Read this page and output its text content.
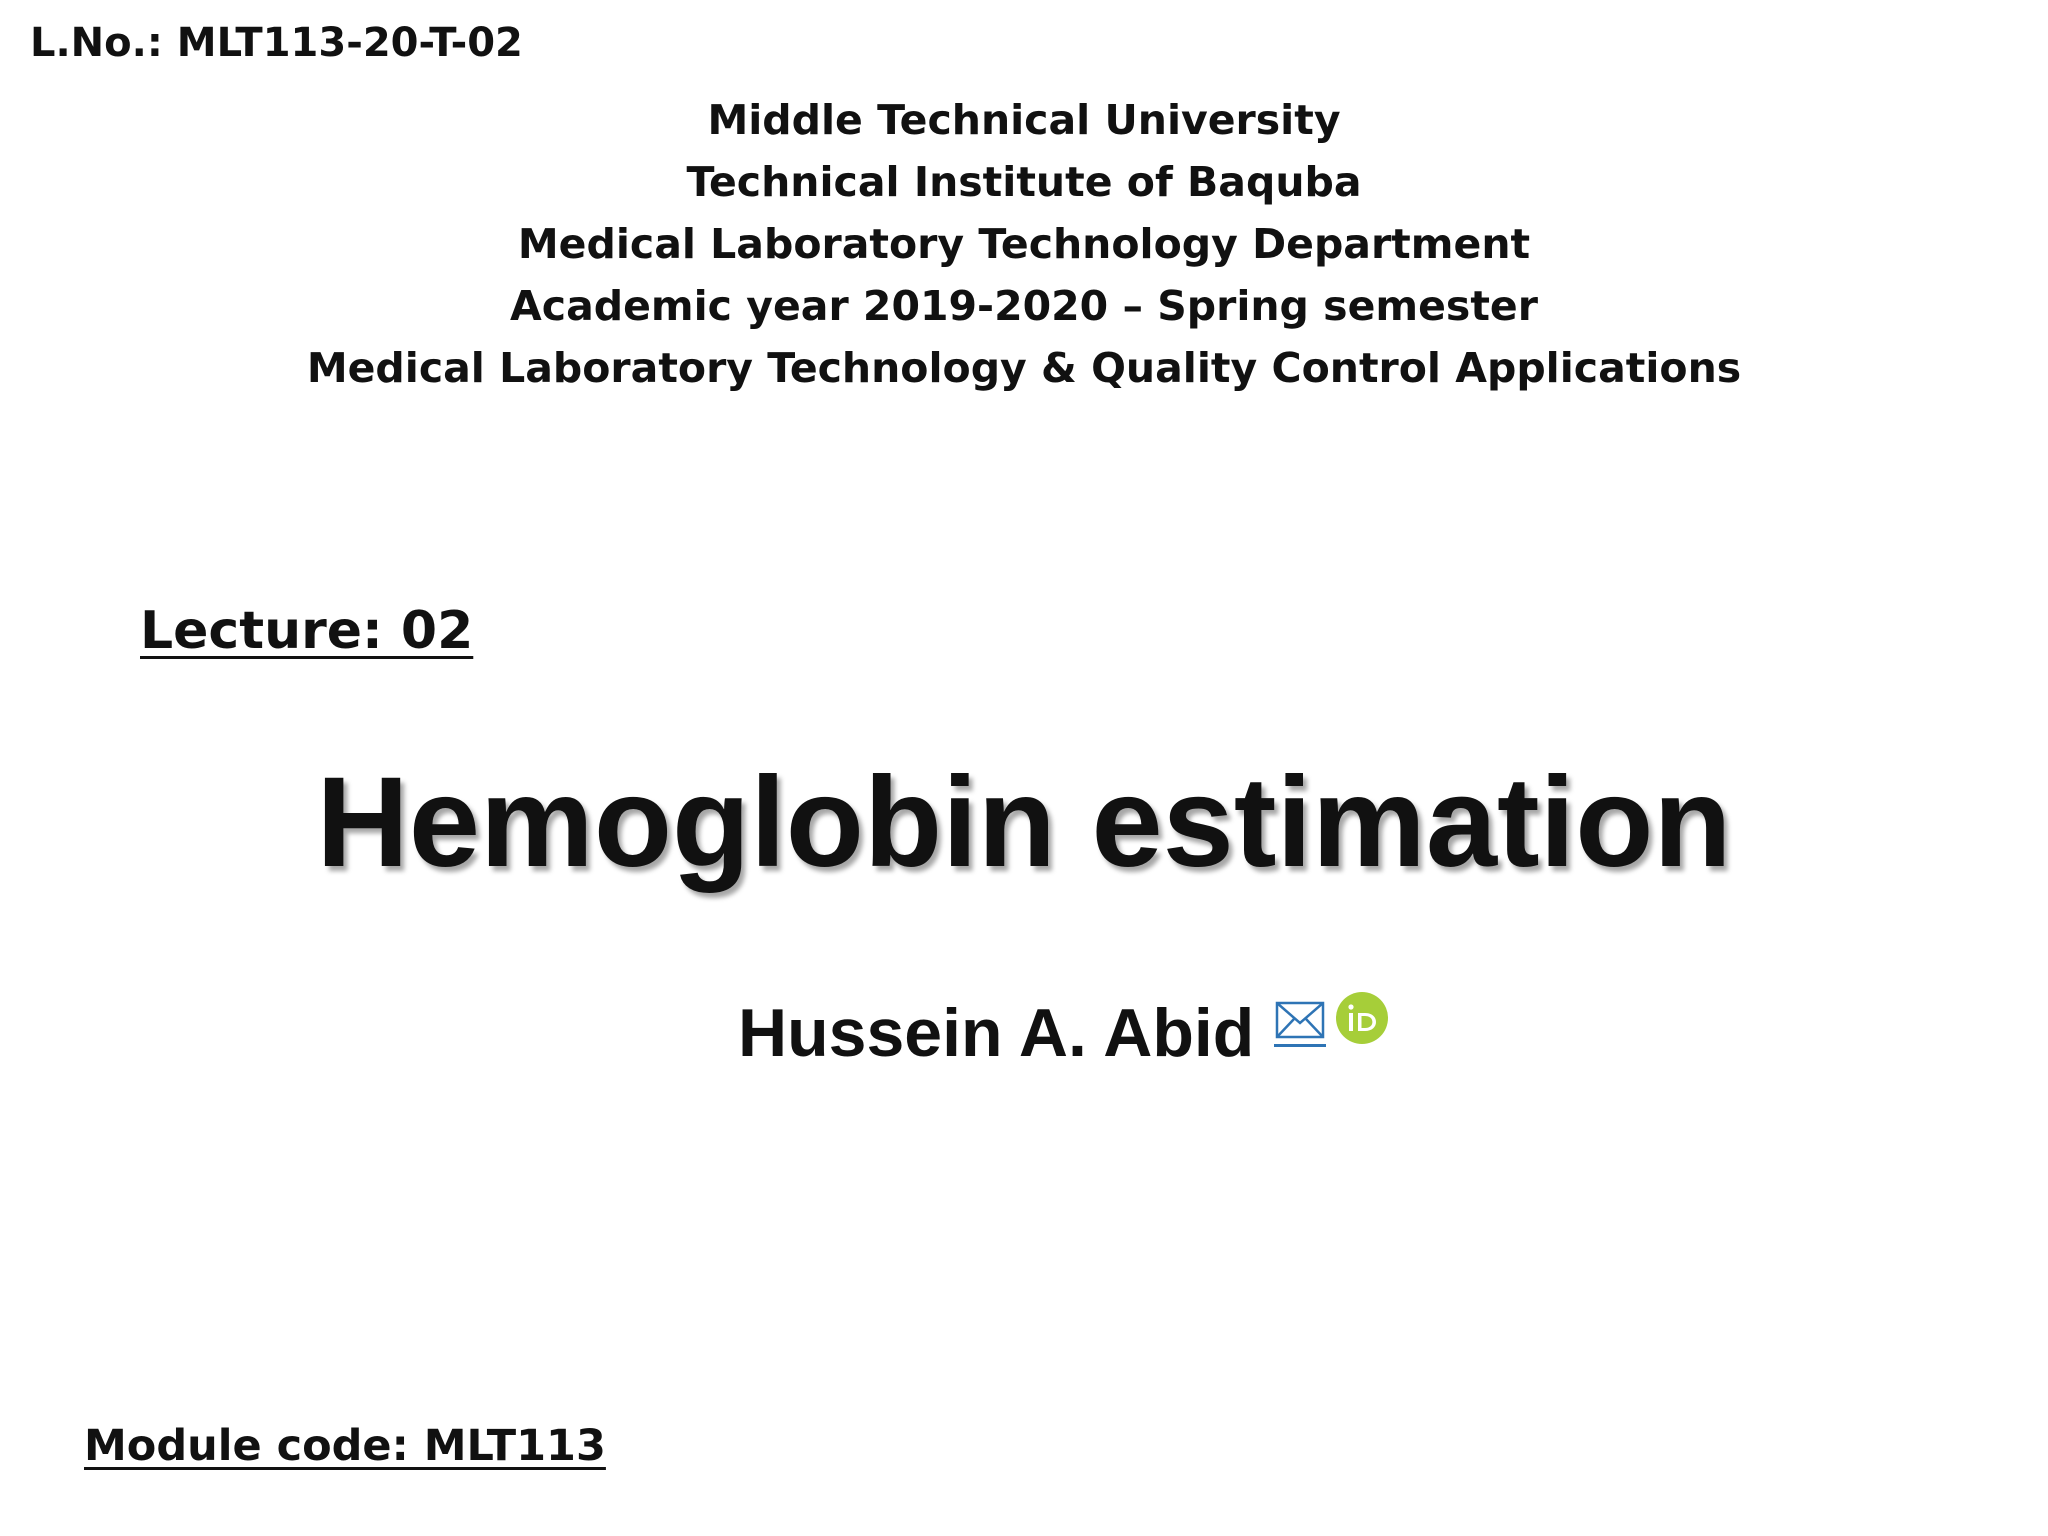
L.No.: MLT113-20-T-02
Middle Technical University
Technical Institute of Baquba
Medical Laboratory Technology Department
Academic year 2019-2020 – Spring semester
Medical Laboratory Technology & Quality Control Applications
Lecture: 02
Hemoglobin estimation
Hussein A. Abid
Module code: MLT113
